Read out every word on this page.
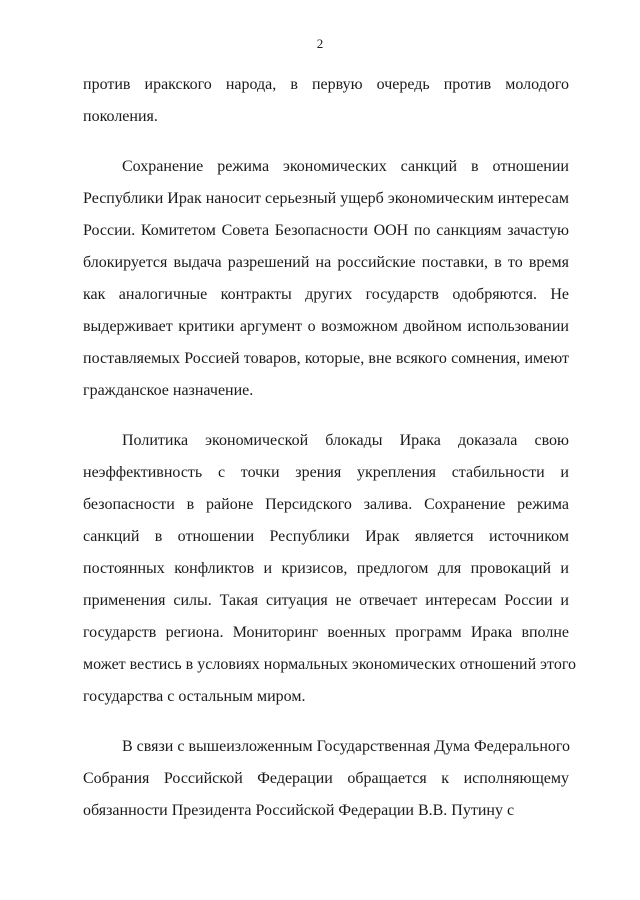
2
против иракского народа, в первую очередь против молодого
поколения.
Сохранение режима экономических санкций в отношении
Республики Ирак наносит серьезный ущерб экономическим интересам
России. Комитетом Совета Безопасности ООН по санкциям зачастую
блокируется выдача разрешений на российские поставки, в то время
как аналогичные контракты других государств одобряются. Не
выдерживает критики аргумент о возможном двойном использовании
поставляемых Россией товаров, которые, вне всякого сомнения, имеют
гражданское назначение.
Политика экономической блокады Ирака доказала свою
неэффективность с точки зрения укрепления стабильности и
безопасности в районе Персидского залива. Сохранение режима
санкций в отношении Республики Ирак является источником
постоянных конфликтов и кризисов, предлогом для провокаций и
применения силы. Такая ситуация не отвечает интересам России и
государств региона. Мониторинг военных программ Ирака вполне
может вестись в условиях нормальных экономических отношений этого
государства с остальным миром.
В связи с вышеизложенным Государственная Дума Федерального
Собрания Российской Федерации обращается к исполняющему
обязанности Президента Российской Федерации В.В. Путину с
